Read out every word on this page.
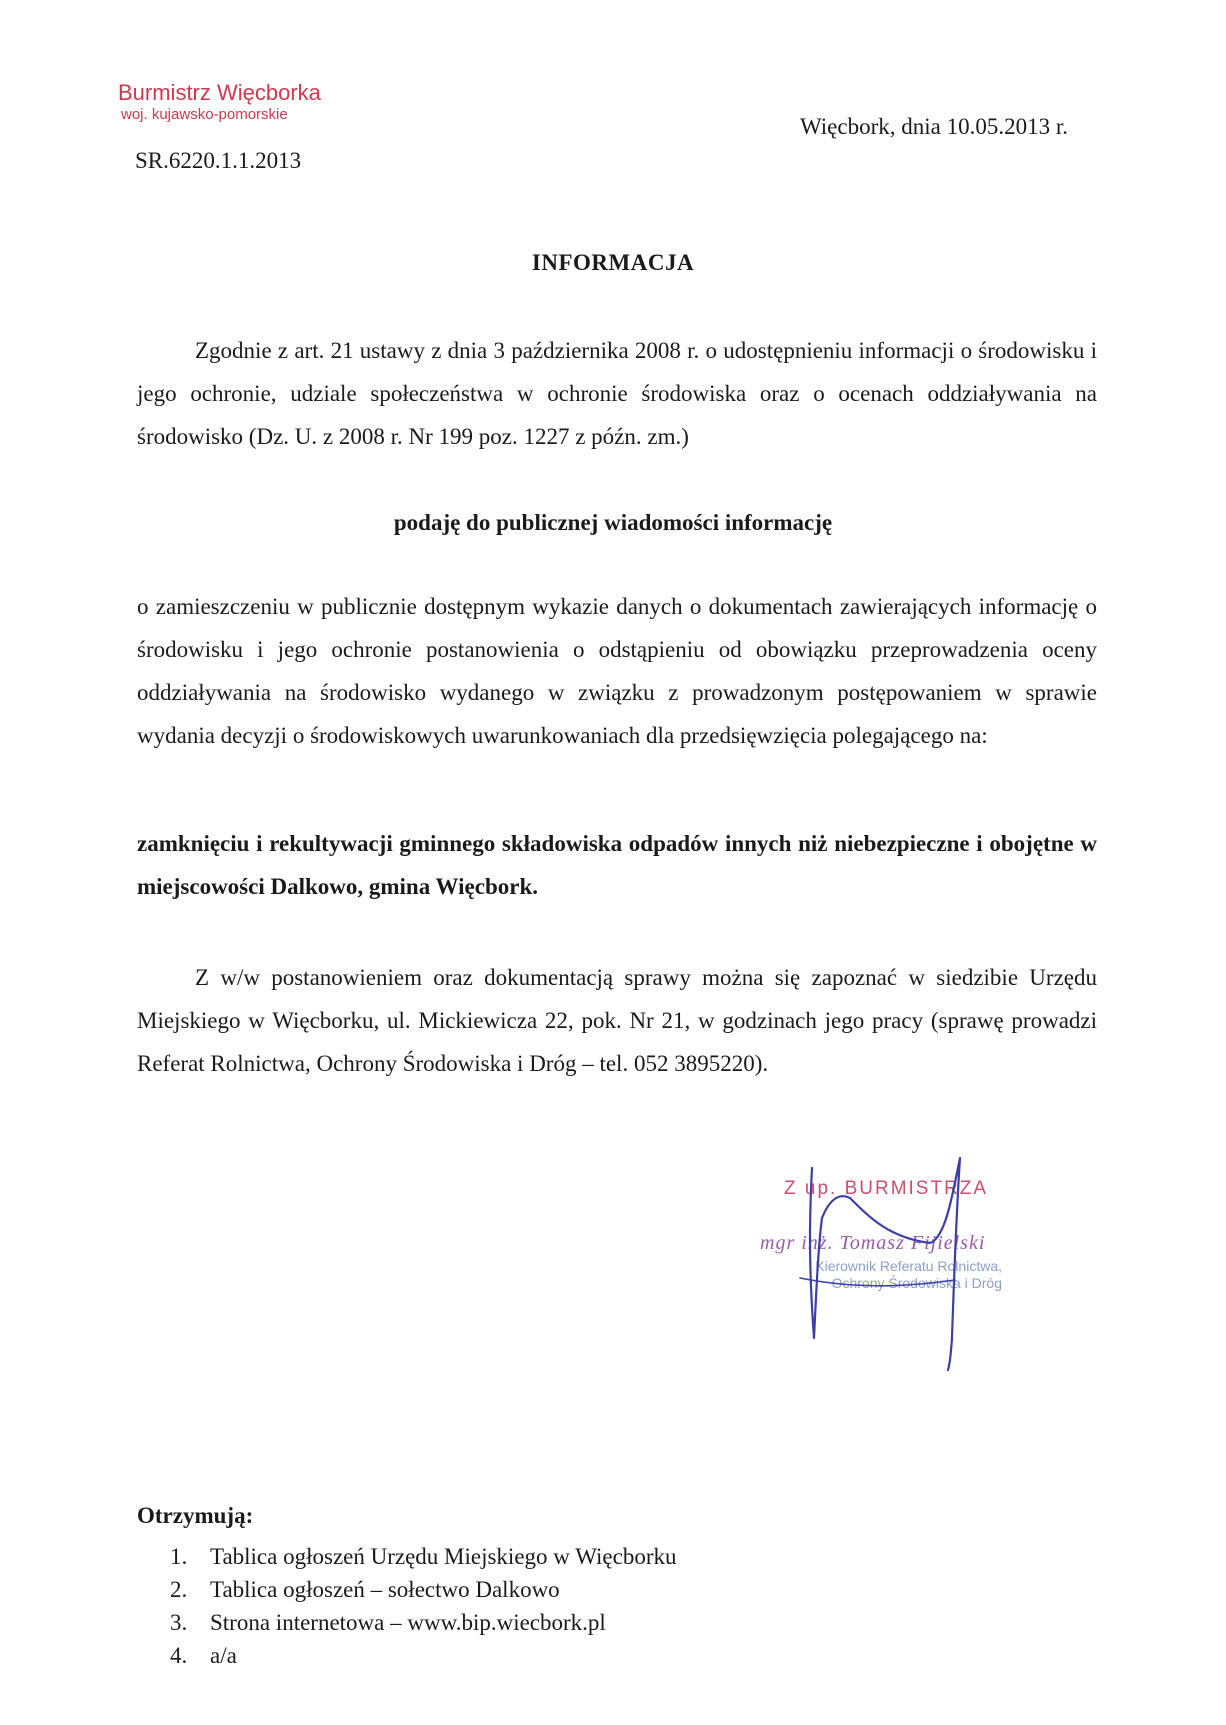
Burmistrz Więcborka
woj. kujawsko-pomorskie
SR.6220.1.1.2013
Więcbork, dnia 10.05.2013 r.
INFORMACJA
Zgodnie z art. 21 ustawy z dnia 3 października 2008 r. o udostępnieniu informacji o środowisku i jego ochronie, udziale społeczeństwa w ochronie środowiska oraz o ocenach oddziaływania na środowisko (Dz. U. z 2008 r. Nr 199 poz. 1227 z późn. zm.)
podaję do publicznej wiadomości informację
o zamieszczeniu w publicznie dostępnym wykazie danych o dokumentach zawierających informację o środowisku i jego ochronie postanowienia o odstąpieniu od obowiązku przeprowadzenia oceny oddziaływania na środowisko wydanego w związku z prowadzonym postępowaniem w sprawie wydania decyzji o środowiskowych uwarunkowaniach dla przedsięwzięcia polegającego na:
zamknięciu i rekultywacji gminnego składowiska odpadów innych niż niebezpieczne i obojętne w miejscowości Dalkowo, gmina Więcbork.
Z w/w postanowieniem oraz dokumentacją sprawy można się zapoznać w siedzibie Urzędu Miejskiego w Więcborku, ul. Mickiewicza 22, pok. Nr 21, w godzinach jego pracy (sprawę prowadzi Referat Rolnictwa, Ochrony Środowiska i Dróg – tel. 052 3895220).
Z up. BURMISTRZA
mgr inż. Tomasz Fijielski
Kierownik Referatu Rolnictwa,
Ochrony Środowiska i Dróg
Otrzymują:
1. Tablica ogłoszeń Urzędu Miejskiego w Więcborku
2. Tablica ogłoszeń – sołectwo Dalkowo
3. Strona internetowa – www.bip.wiecbork.pl
4. a/a
